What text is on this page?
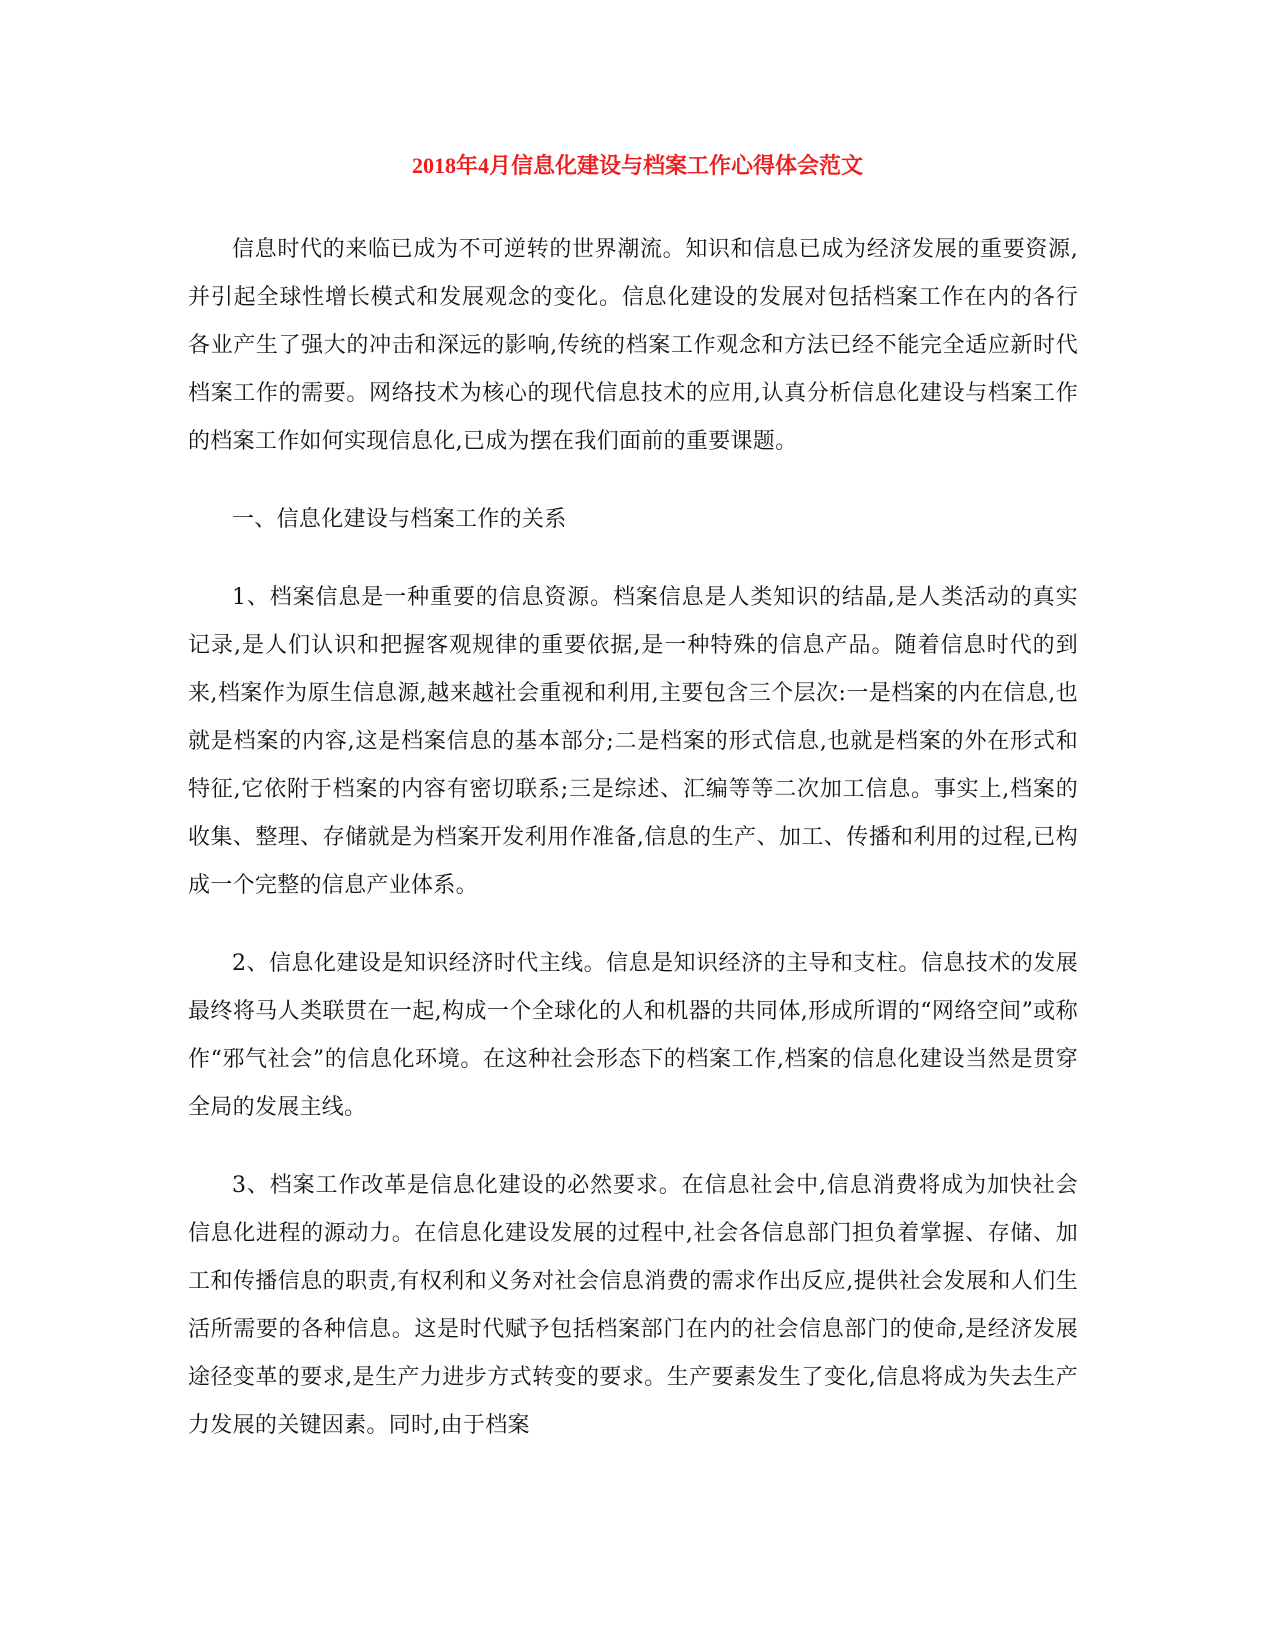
2018年4月信息化建设与档案工作心得体会范文

信息时代的来临已成为不可逆转的世界潮流。知识和信息已成为经济发展的重要资源,并引起全球性增长模式和发展观念的变化。信息化建设的发展对包括档案工作在内的各行各业产生了强大的冲击和深远的影响,传统的档案工作观念和方法已经不能完全适应新时代档案工作的需要。网络技术为核心的现代信息技术的应用,认真分析信息化建设与档案工作的档案工作如何实现信息化,已成为摆在我们面前的重要课题。

一、信息化建设与档案工作的关系

1、档案信息是一种重要的信息资源。档案信息是人类知识的结晶,是人类活动的真实记录,是人们认识和把握客观规律的重要依据,是一种特殊的信息产品。随着信息时代的到来,档案作为原生信息源,越来越社会重视和利用,主要包含三个层次:一是档案的内在信息,也就是档案的内容,这是档案信息的基本部分;二是档案的形式信息,也就是档案的外在形式和特征,它依附于档案的内容有密切联系;三是综述、汇编等等二次加工信息。事实上,档案的收集、整理、存储就是为档案开发利用作准备,信息的生产、加工、传播和利用的过程,已构成一个完整的信息产业体系。

2、信息化建设是知识经济时代主线。信息是知识经济的主导和支柱。信息技术的发展最终将马人类联贯在一起,构成一个全球化的人和机器的共同体,形成所谓的“网络空间”或称作“邪气社会”的信息化环境。在这种社会形态下的档案工作,档案的信息化建设当然是贯穿全局的发展主线。

3、档案工作改革是信息化建设的必然要求。在信息社会中,信息消费将成为加快社会信息化进程的源动力。在信息化建设发展的过程中,社会各信息部门担负着掌握、存储、加工和传播信息的职责,有权利和义务对社会信息消费的需求作出反应,提供社会发展和人们生活所需要的各种信息。这是时代赋予包括档案部门在内的社会信息部门的使命,是经济发展途径变革的要求,是生产力进步方式转变的要求。生产要素发生了变化,信息将成为失去生产力发展的关键因素。同时,由于档案
